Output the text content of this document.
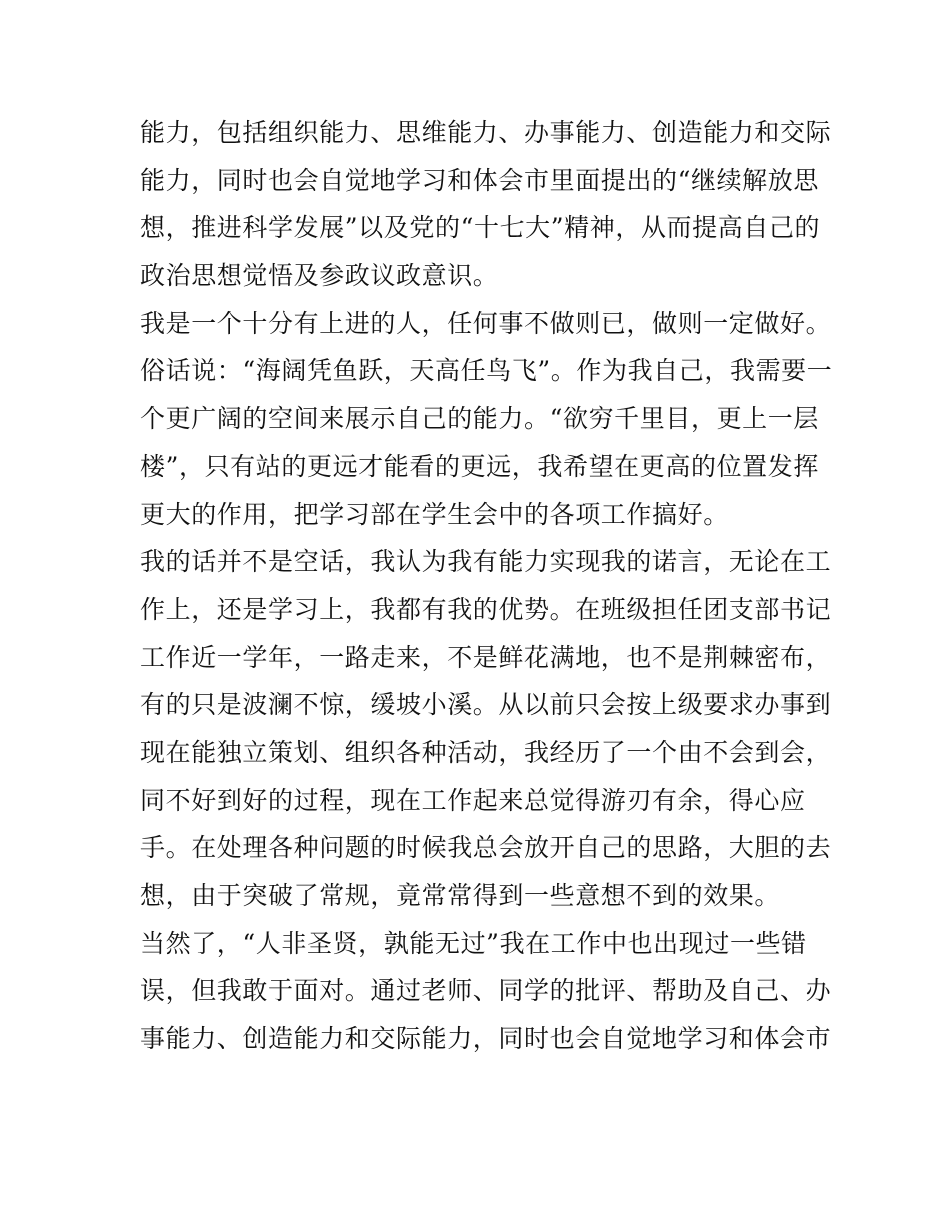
能力，包括组织能力、思维能力、办事能力、创造能力和交际
能力，同时也会自觉地学习和体会市里面提出的“继续解放思
想，推进科学发展”以及党的“十七大”精神，从而提高自己的
政治思想觉悟及参政议政意识。
我是一个十分有上进的人，任何事不做则已，做则一定做好。
俗话说：“海阔凭鱼跃，天高任鸟飞”。作为我自己，我需要一
个更广阔的空间来展示自己的能力。“欲穷千里目，更上一层
楼”，只有站的更远才能看的更远，我希望在更高的位置发挥
更大的作用，把学习部在学生会中的各项工作搞好。
我的话并不是空话，我认为我有能力实现我的诺言，无论在工
作上，还是学习上，我都有我的优势。在班级担任团支部书记
工作近一学年，一路走来，不是鲜花满地，也不是荆棘密布，
有的只是波澜不惊，缓坡小溪。从以前只会按上级要求办事到
现在能独立策划、组织各种活动，我经历了一个由不会到会，
同不好到好的过程，现在工作起来总觉得游刃有余，得心应
手。在处理各种问题的时候我总会放开自己的思路，大胆的去
想，由于突破了常规，竟常常得到一些意想不到的效果。
当然了，“人非圣贤，孰能无过”我在工作中也出现过一些错
误，但我敢于面对。通过老师、同学的批评、帮助及自己、办
事能力、创造能力和交际能力，同时也会自觉地学习和体会市
